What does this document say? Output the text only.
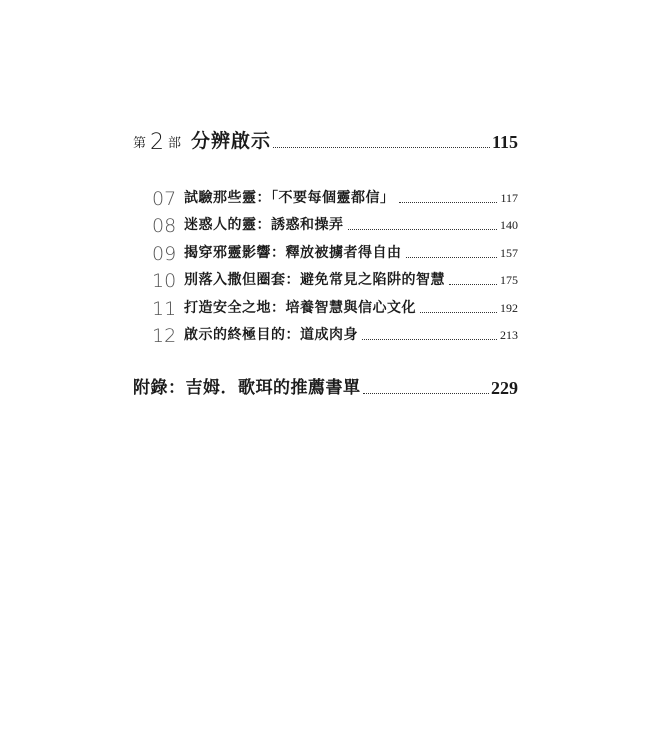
第 2 部 分辨啟示	115
07 試驗那些靈：「不要每個靈都信」	117
08 迷惑人的靈：誘惑和操弄	140
09 揭穿邪靈影響：釋放被擄者得自由	157
10 別落入撒但圈套：避免常見之陷阱的智慧	175
11 打造安全之地：培養智慧與信心文化	192
12 啟示的終極目的：道成肉身	213
附錄：吉姆．歌珥的推薦書單	229
